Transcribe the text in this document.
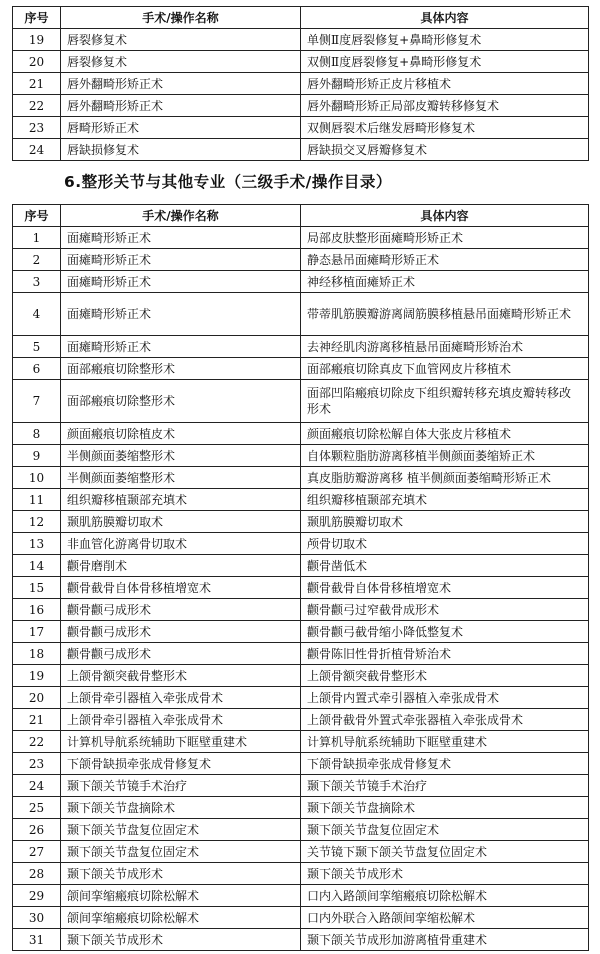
序号	手术/操作名称	具体内容
19	唇裂修复术	单侧Ⅱ度唇裂修复+鼻畸形修复术
20	唇裂修复术	双侧Ⅱ度唇裂修复+鼻畸形修复术
21	唇外翻畸形矫正术	唇外翻畸形矫正皮片移植术
22	唇外翻畸形矫正术	唇外翻畸形矫正局部皮瓣转移修复术
23	唇畸形矫正术	双侧唇裂术后继发唇畸形修复术
24	唇缺损修复术	唇缺损交叉唇瓣修复术
6.整形关节与其他专业（三级手术/操作目录）
序号	手术/操作名称	具体内容
1	面瘫畸形矫正术	局部皮肤整形面瘫畸形矫正术
2	面瘫畸形矫正术	静态悬吊面瘫畸形矫正术
3	面瘫畸形矫正术	神经移植面瘫矫正术
4	面瘫畸形矫正术	带蒂肌筋膜瓣游离阔筋膜移植悬吊面瘫畸形矫正术
5	面瘫畸形矫正术	去神经肌肉游离移植悬吊面瘫畸形矫治术
6	面部瘢痕切除整形术	面部瘢痕切除真皮下血管网皮片移植术
7	面部瘢痕切除整形术	面部凹陷瘢痕切除皮下组织瓣转移充填皮瓣转移改形术
8	颜面瘢痕切除植皮术	颜面瘢痕切除松解自体大张皮片移植术
9	半侧颜面萎缩整形术	自体颗粒脂肪游离移植半侧颜面萎缩矫正术
10	半侧颜面萎缩整形术	真皮脂肪瓣游离移 植半侧颜面萎缩畸形矫正术
11	组织瓣移植颞部充填术	组织瓣移植颞部充填术
12	颞肌筋膜瓣切取术	颞肌筋膜瓣切取术
13	非血管化游离骨切取术	颅骨切取术
14	颧骨磨削术	颧骨凿低术
15	颧骨截骨自体骨移植增宽术	颧骨截骨自体骨移植增宽术
16	颧骨颧弓成形术	颧骨颧弓过窄截骨成形术
17	颧骨颧弓成形术	颧骨颧弓截骨缩小降低整复术
18	颧骨颧弓成形术	颧骨陈旧性骨折植骨矫治术
19	上颌骨额突截骨整形术	上颌骨额突截骨整形术
20	上颌骨牵引器植入牵张成骨术	上颌骨内置式牵引器植入牵张成骨术
21	上颌骨牵引器植入牵张成骨术	上颌骨截骨外置式牵张器植入牵张成骨术
22	计算机导航系统辅助下眶壁重建术	计算机导航系统辅助下眶壁重建术
23	下颌骨缺损牵张成骨修复术	下颌骨缺损牵张成骨修复术
24	颞下颌关节镜手术治疗	颞下颌关节镜手术治疗
25	颞下颌关节盘摘除术	颞下颌关节盘摘除术
26	颞下颌关节盘复位固定术	颞下颌关节盘复位固定术
27	颞下颌关节盘复位固定术	关节镜下颞下颌关节盘复位固定术
28	颞下颌关节成形术	颞下颌关节成形术
29	颌间挛缩瘢痕切除松解术	口内入路颌间挛缩瘢痕切除松解术
30	颌间挛缩瘢痕切除松解术	口内外联合入路颌间挛缩松解术
31	颞下颌关节成形术	颞下颌关节成形加游离植骨重建术
